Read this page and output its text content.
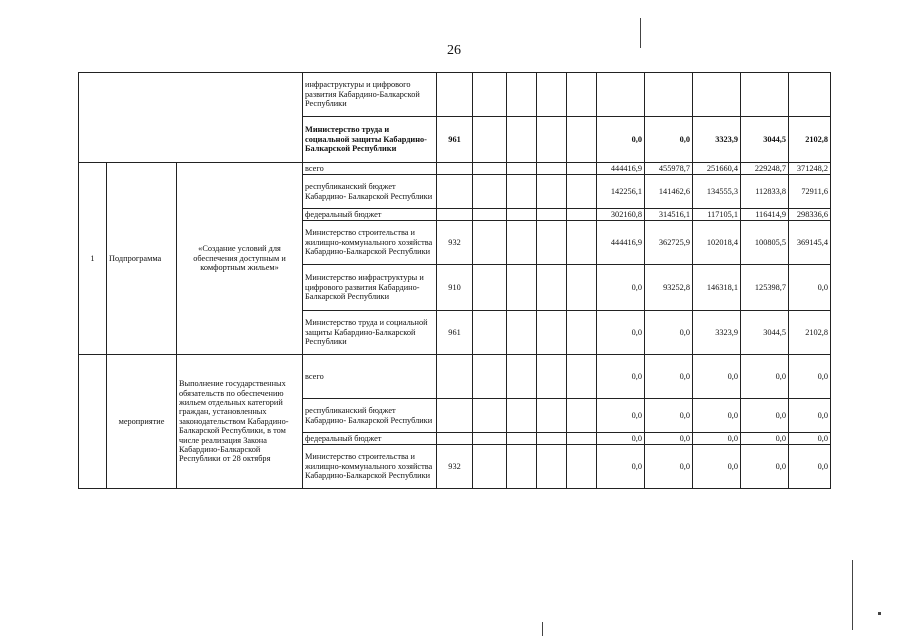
26
			инфраструктуры и цифрового развития Кабардино-Балкарской Республики										
			Министерство труда и социальной защиты Кабардино-Балкарской Республики	961					0,0	0,0	3323,9	3044,5	2102,8
1	Подпрограмма	«Создание условий для обеспечения доступным и комфортным жильем»	всего						444416,9	455978,7	251660,4	229248,7	371248,2
			республиканский бюджет Кабардино- Балкарской Республики						142256,1	141462,6	134555,3	112833,8	72911,6
			федеральный бюджет						302160,8	314516,1	117105,1	116414,9	298336,6
			Министерство строительства и жилищно-коммунального хозяйства Кабардино-Балкарской Республики	932					444416,9	362725,9	102018,4	100805,5	369145,4
			Министерство инфраструктуры и цифрового развития Кабардино-Балкарской Республики	910					0,0	93252,8	146318,1	125398,7	0,0
			Министерство труда и социальной защиты Кабардино-Балкарской Республики	961					0,0	0,0	3323,9	3044,5	2102,8
	мероприятие	Выполнение государственных обязательств по обеспечению жильем отдельных категорий граждан, установленных законодательством Кабардино-Балкарской Республики, в том числе реализация Закона Кабардино-Балкарской Республики от 28 октября	всего						0,0	0,0	0,0	0,0	0,0
			республиканский бюджет Кабардино- Балкарской Республики						0,0	0,0	0,0	0,0	0,0
			федеральный бюджет						0,0	0,0	0,0	0,0	0,0
			Министерство строительства и жилищно-коммунального хозяйства Кабардино-Балкарской Республики	932					0,0	0,0	0,0	0,0	0,0
